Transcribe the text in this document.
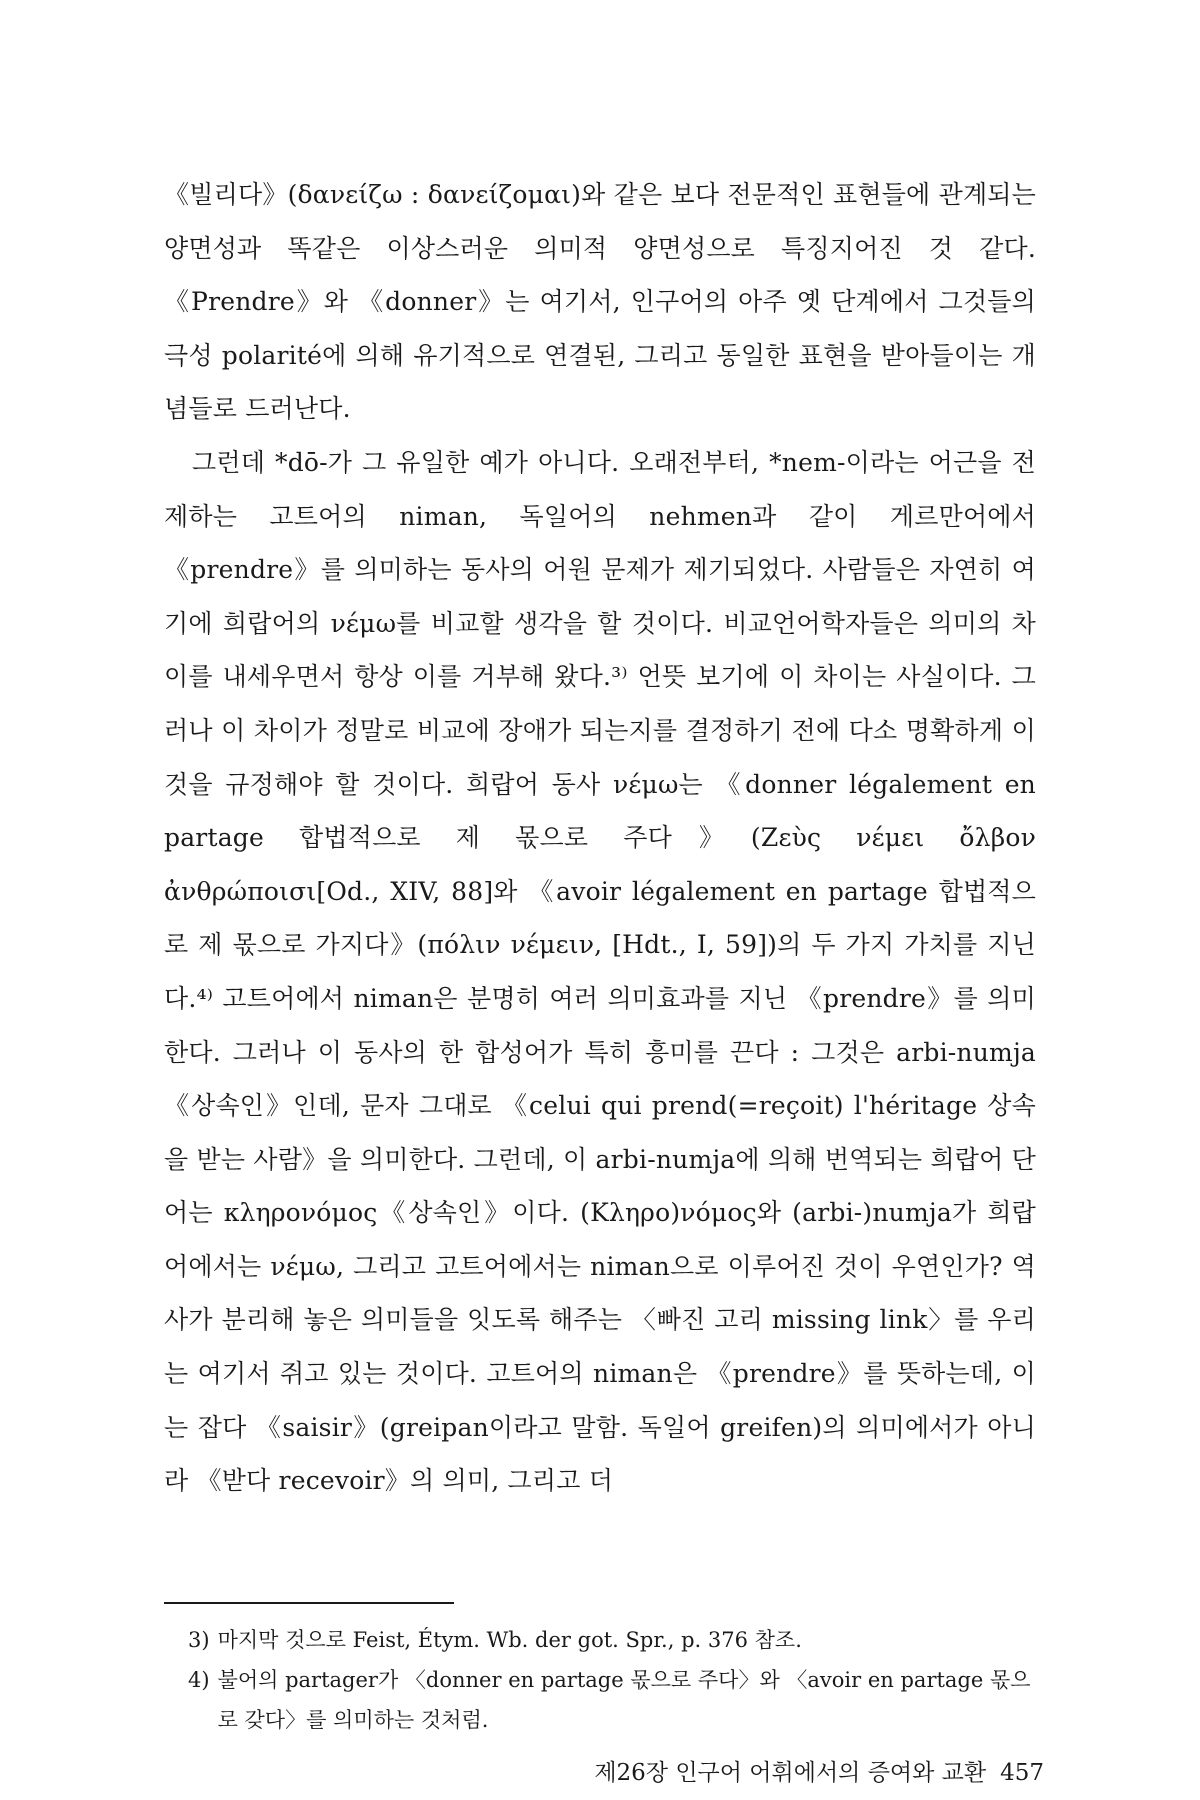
《빌리다》(δανείζω : δανείζομαι)와 같은 보다 전문적인 표현들에 관계되는 양면성과 똑같은 이상스러운 의미적 양면성으로 특징지어진 것 같다. 《Prendre》와 《donner》는 여기서, 인구어의 아주 옛 단계에서 그것들의 극성 polarité에 의해 유기적으로 연결된, 그리고 동일한 표현을 받아들이는 개념들로 드러난다.

그런데 *dō-가 그 유일한 예가 아니다. 오래전부터, *nem-이라는 어근을 전제하는 고트어의 niman, 독일어의 nehmen과 같이 게르만어에서 《prendre》를 의미하는 동사의 어원 문제가 제기되었다. 사람들은 자연히 여기에 희랍어의 νέμω를 비교할 생각을 할 것이다. 비교언어학자들은 의미의 차이를 내세우면서 항상 이를 거부해 왔다.³⁾ 언뜻 보기에 이 차이는 사실이다. 그러나 이 차이가 정말로 비교에 장애가 되는지를 결정하기 전에 다소 명확하게 이것을 규정해야 할 것이다. 희랍어 동사 νέμω는 《donner légalement en partage 합법적으로 제 몫으로 주다》(Ζεὺς νέμει ὄλβον ἀνθρώποισι[Od., XIV, 88]와 《avoir légalement en partage 합법적으로 제 몫으로 가지다》(πόλιν νέμειν, [Hdt., I, 59])의 두 가지 가치를 지닌다.⁴⁾ 고트어에서 niman은 분명히 여러 의미효과를 지닌 《prendre》를 의미한다. 그러나 이 동사의 한 합성어가 특히 흥미를 끈다 : 그것은 arbi-numja《상속인》인데, 문자 그대로 《celui qui prend(=reçoit) l'héritage 상속을 받는 사람》을 의미한다. 그런데, 이 arbi-numja에 의해 번역되는 희랍어 단어는 κληρονόμος《상속인》이다. (Κληρο)νόμος와 (arbi-)numja가 희랍어에서는 νέμω, 그리고 고트어에서는 niman으로 이루어진 것이 우연인가? 역사가 분리해 놓은 의미들을 잇도록 해주는 〈빠진 고리 missing link〉를 우리는 여기서 쥐고 있는 것이다. 고트어의 niman은 《prendre》를 뜻하는데, 이는 잡다 《saisir》(greipan이라고 말함. 독일어 greifen)의 의미에서가 아니라 《받다 recevoir》의 의미, 그리고 더

3) 마지막 것으로 Feist, Étym. Wb. der got. Spr., p. 376 참조.
4) 불어의 partager가 〈donner en partage 몫으로 주다〉와 〈avoir en partage 몫으로 갖다〉를 의미하는 것처럼.
제26장 인구어 어휘에서의 증여와 교환 457
